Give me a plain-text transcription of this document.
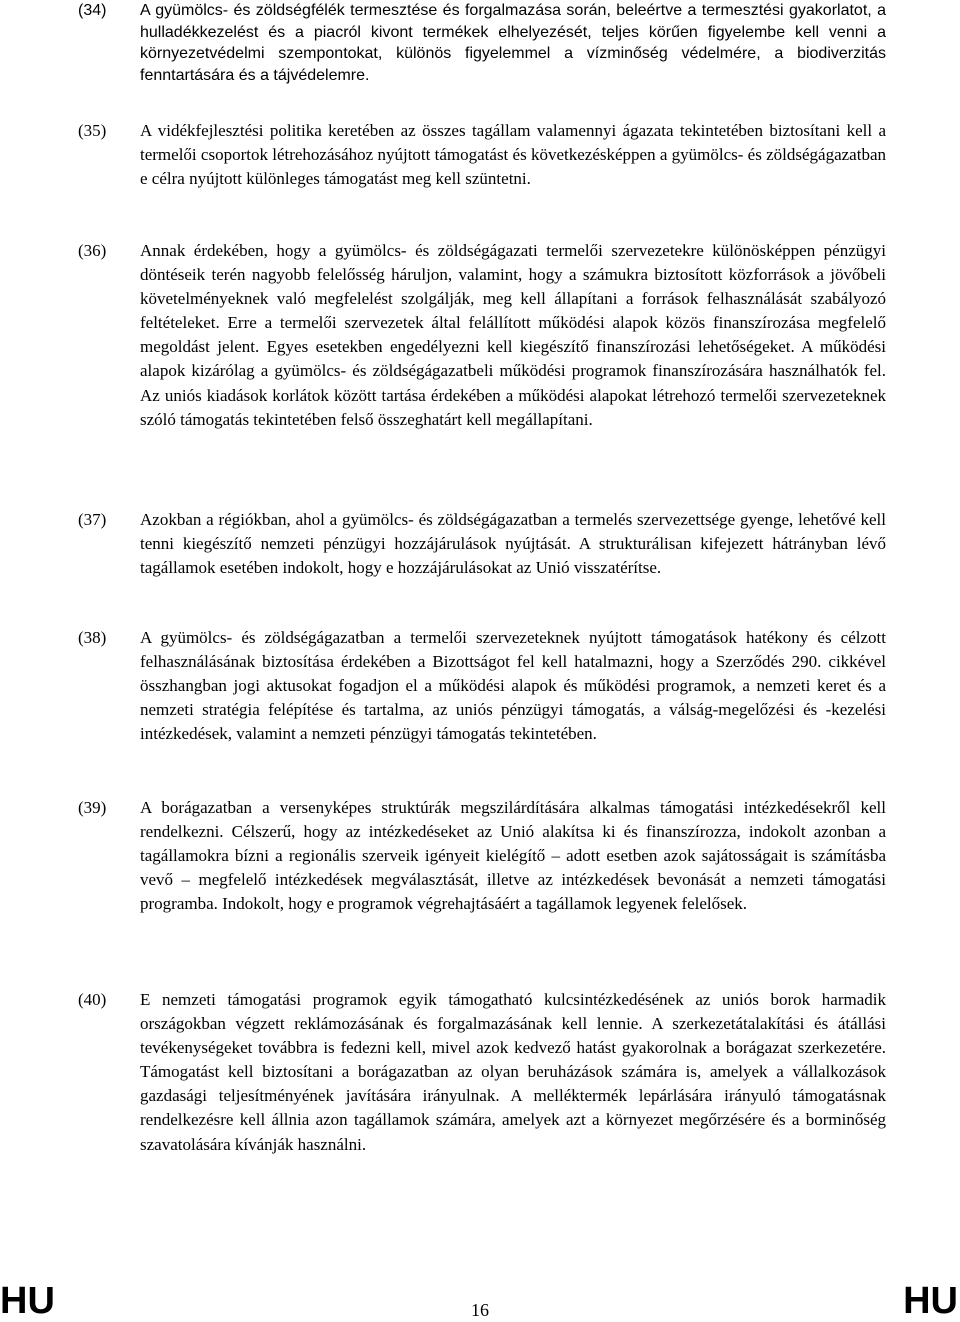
(34)	A gyümölcs- és zöldségfélék termesztése és forgalmazása során, beleértve a termesztési gyakorlatot, a hulladékkezelést és a piacról kivont termékek elhelyezését, teljes körűen figyelembe kell venni a környezetvédelmi szempontokat, különös figyelemmel a vízminőség védelmére, a biodiverzitás fenntartására és a tájvédelemre.
(35)	A vidékfejlesztési politika keretében az összes tagállam valamennyi ágazata tekintetében biztosítani kell a termelői csoportok létrehozásához nyújtott támogatást és következésképpen a gyümölcs- és zöldségágazatban e célra nyújtott különleges támogatást meg kell szüntetni.
(36)	Annak érdekében, hogy a gyümölcs- és zöldségágazati termelői szervezetekre különösképpen pénzügyi döntéseik terén nagyobb felelősség háruljon, valamint, hogy a számukra biztosított közforrások a jövőbeli követelményeknek való megfelelést szolgálják, meg kell állapítani a források felhasználását szabályozó feltételeket. Erre a termelői szervezetek által felállított működési alapok közös finanszírozása megfelelő megoldást jelent. Egyes esetekben engedélyezni kell kiegészítő finanszírozási lehetőségeket. A működési alapok kizárólag a gyümölcs- és zöldségágazatbeli működési programok finanszírozására használhatók fel. Az uniós kiadások korlátok között tartása érdekében a működési alapokat létrehozó termelői szervezeteknek szóló támogatás tekintetében felső összeghatárt kell megállapítani.
(37)	Azokban a régiókban, ahol a gyümölcs- és zöldségágazatban a termelés szervezettsége gyenge, lehetővé kell tenni kiegészítő nemzeti pénzügyi hozzájárulások nyújtását. A strukturálisan kifejezett hátrányban lévő tagállamok esetében indokolt, hogy e hozzájárulásokat az Unió visszatérítse.
(38)	A gyümölcs- és zöldségágazatban a termelői szervezeteknek nyújtott támogatások hatékony és célzott felhasználásának biztosítása érdekében a Bizottságot fel kell hatalmazni, hogy a Szerződés 290. cikkével összhangban jogi aktusokat fogadjon el a működési alapok és működési programok, a nemzeti keret és a nemzeti stratégia felépítése és tartalma, az uniós pénzügyi támogatás, a válság-megelőzési és -kezelési intézkedések, valamint a nemzeti pénzügyi támogatás tekintetében.
(39)	A borágazatban a versenyképes struktúrák megszilárdítására alkalmas támogatási intézkedésekről kell rendelkezni. Célszerű, hogy az intézkedéseket az Unió alakítsa ki és finanszírozza, indokolt azonban a tagállamokra bízni a regionális szerveik igényeit kielégítő – adott esetben azok sajátosságait is számításba vevő – megfelelő intézkedések megválasztását, illetve az intézkedések bevonását a nemzeti támogatási programba. Indokolt, hogy e programok végrehajtásáért a tagállamok legyenek felelősek.
(40)	E nemzeti támogatási programok egyik támogatható kulcsintézkedésének az uniós borok harmadik országokban végzett reklámozásának és forgalmazásának kell lennie. A szerkezetátalakítási és átállási tevékenységeket továbbra is fedezni kell, mivel azok kedvező hatást gyakorolnak a borágazat szerkezetére. Támogatást kell biztosítani a borágazatban az olyan beruházások számára is, amelyek a vállalkozások gazdasági teljesítményének javítására irányulnak. A melléktermék lepárlására irányuló támogatásnak rendelkezésre kell állnia azon tagállamok számára, amelyek azt a környezet megőrzésére és a borminőség szavatolására kívánják használni.
HU	16	HU
